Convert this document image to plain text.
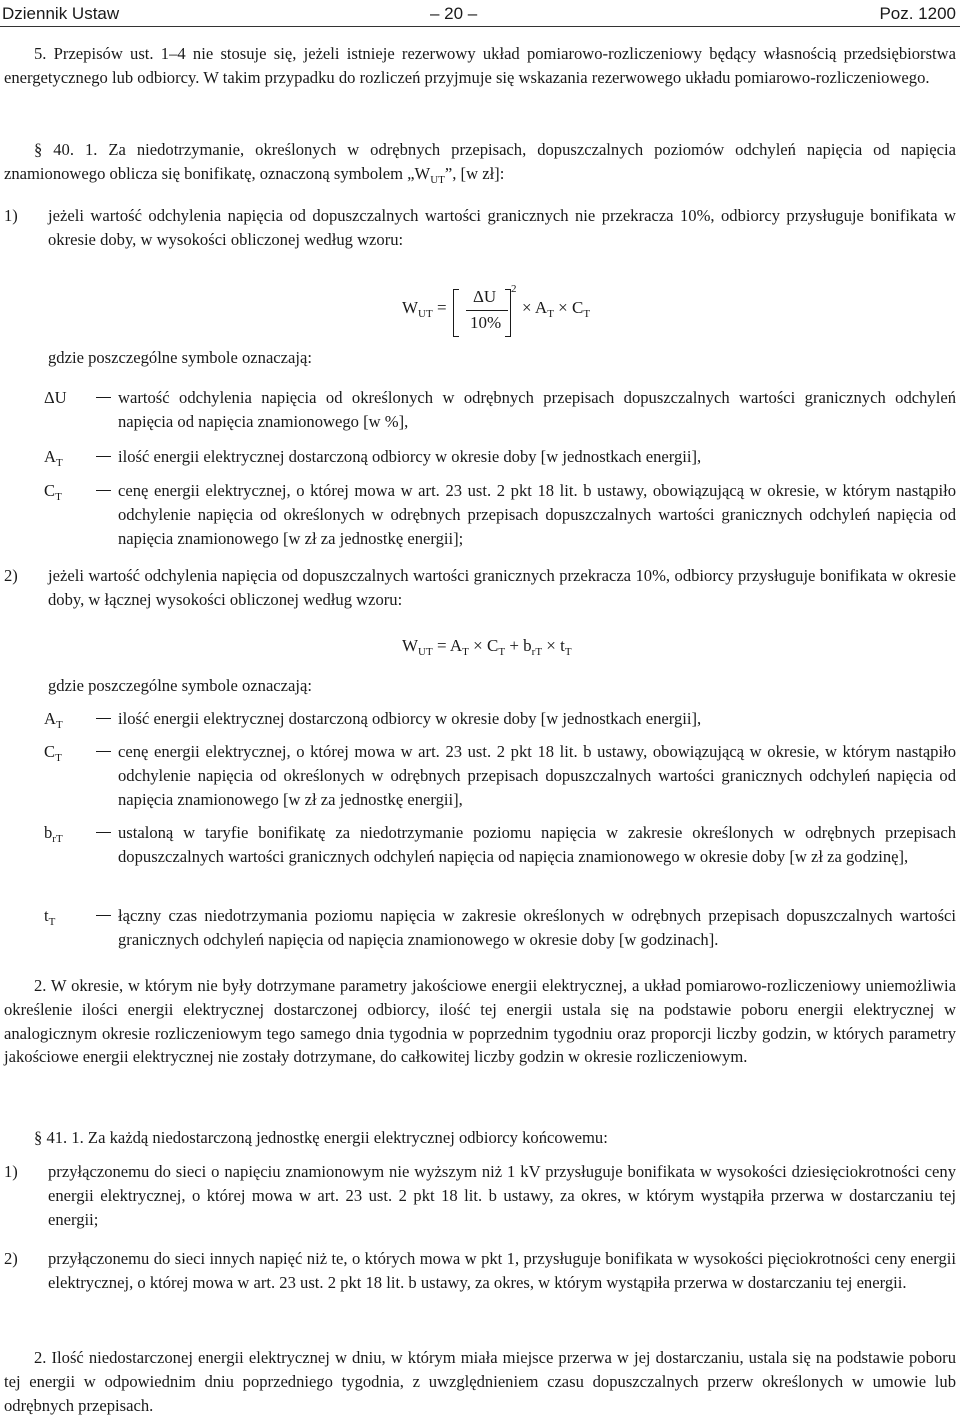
Dziennik Ustaw	– 20 –	Poz. 1200
5. Przepisów ust. 1–4 nie stosuje się, jeżeli istnieje rezerwowy układ pomiarowo-rozliczeniowy będący własnością przedsiębiorstwa energetycznego lub odbiorcy. W takim przypadku do rozliczeń przyjmuje się wskazania rezerwowego układu pomiarowo-rozliczeniowego.
§ 40. 1. Za niedotrzymanie, określonych w odrębnych przepisach, dopuszczalnych poziomów odchyleń napięcia od napięcia znamionowego oblicza się bonifikatę, oznaczoną symbolem $„W_{UT}$”, [w zł]:
1) jeżeli wartość odchylenia napięcia od dopuszczalnych wartości granicznych nie przekracza 10%, odbiorcy przysługuje bonifikata w okresie doby, w wysokości obliczonej według wzoru:
$W_{UT}$ =
ΔU
10%
2
× $A_T \times C_T$
gdzie poszczególne symbole oznaczają:
ΔU	wartość odchylenia napięcia od określonych w odrębnych przepisach dopuszczalnych wartości granicznych odchyleń napięcia od napięcia znamionowego [w %],
$A_T$	ilość energii elektrycznej dostarczoną odbiorcy w okresie doby [w jednostkach energii],
$C_T$	cenę energii elektrycznej, o której mowa w art. 23 ust. 2 pkt 18 lit. b ustawy, obowiązującą w okresie, w którym nastąpiło odchylenie napięcia od określonych w odrębnych przepisach dopuszczalnych wartości granicznych odchyleń napięcia od napięcia znamionowego [w zł za jednostkę energii];
2) jeżeli wartość odchylenia napięcia od dopuszczalnych wartości granicznych przekracza 10%, odbiorcy przysługuje bonifikata w okresie doby, w łącznej wysokości obliczonej według wzoru:
$W_{UT} = A_T \times C_T + b_{rT} \times t_T$
gdzie poszczególne symbole oznaczają:
$A_T$	ilość energii elektrycznej dostarczoną odbiorcy w okresie doby [w jednostkach energii],
$C_T$	cenę energii elektrycznej, o której mowa w art. 23 ust. 2 pkt 18 lit. b ustawy, obowiązującą w okresie, w którym nastąpiło odchylenie napięcia od określonych w odrębnych przepisach dopuszczalnych wartości granicznych odchyleń napięcia od napięcia znamionowego [w zł za jednostkę energii],
$b_{rT}$	ustaloną w taryfie bonifikatę za niedotrzymanie poziomu napięcia w zakresie określonych w odrębnych przepisach dopuszczalnych wartości granicznych odchyleń napięcia od napięcia znamionowego w okresie doby [w zł za godzinę],
$t_T$	łączny czas niedotrzymania poziomu napięcia w zakresie określonych w odrębnych przepisach dopuszczalnych wartości granicznych odchyleń napięcia od napięcia znamionowego w okresie doby [w godzinach].
2. W okresie, w którym nie były dotrzymane parametry jakościowe energii elektrycznej, a układ pomiarowo-rozliczeniowy uniemożliwia określenie ilości energii elektrycznej dostarczonej odbiorcy, ilość tej energii ustala się na podstawie poboru energii elektrycznej w analogicznym okresie rozliczeniowym tego samego dnia tygodnia w poprzednim tygodniu oraz proporcji liczby godzin, w których parametry jakościowe energii elektrycznej nie zostały dotrzymane, do całkowitej liczby godzin w okresie rozliczeniowym.
§ 41. 1. Za każdą niedostarczoną jednostkę energii elektrycznej odbiorcy końcowemu:
1) przyłączonemu do sieci o napięciu znamionowym nie wyższym niż 1 kV przysługuje bonifikata w wysokości dziesięciokrotności ceny energii elektrycznej, o której mowa w art. 23 ust. 2 pkt 18 lit. b ustawy, za okres, w którym wystąpiła przerwa w dostarczaniu tej energii;
2) przyłączonemu do sieci innych napięć niż te, o których mowa w pkt 1, przysługuje bonifikata w wysokości pięciokrotności ceny energii elektrycznej, o której mowa w art. 23 ust. 2 pkt 18 lit. b ustawy, za okres, w którym wystąpiła przerwa w dostarczaniu tej energii.
2. Ilość niedostarczonej energii elektrycznej w dniu, w którym miała miejsce przerwa w jej dostarczaniu, ustala się na podstawie poboru tej energii w odpowiednim dniu poprzedniego tygodnia, z uwzględnieniem czasu dopuszczalnych przerw określonych w umowie lub odrębnych przepisach.
